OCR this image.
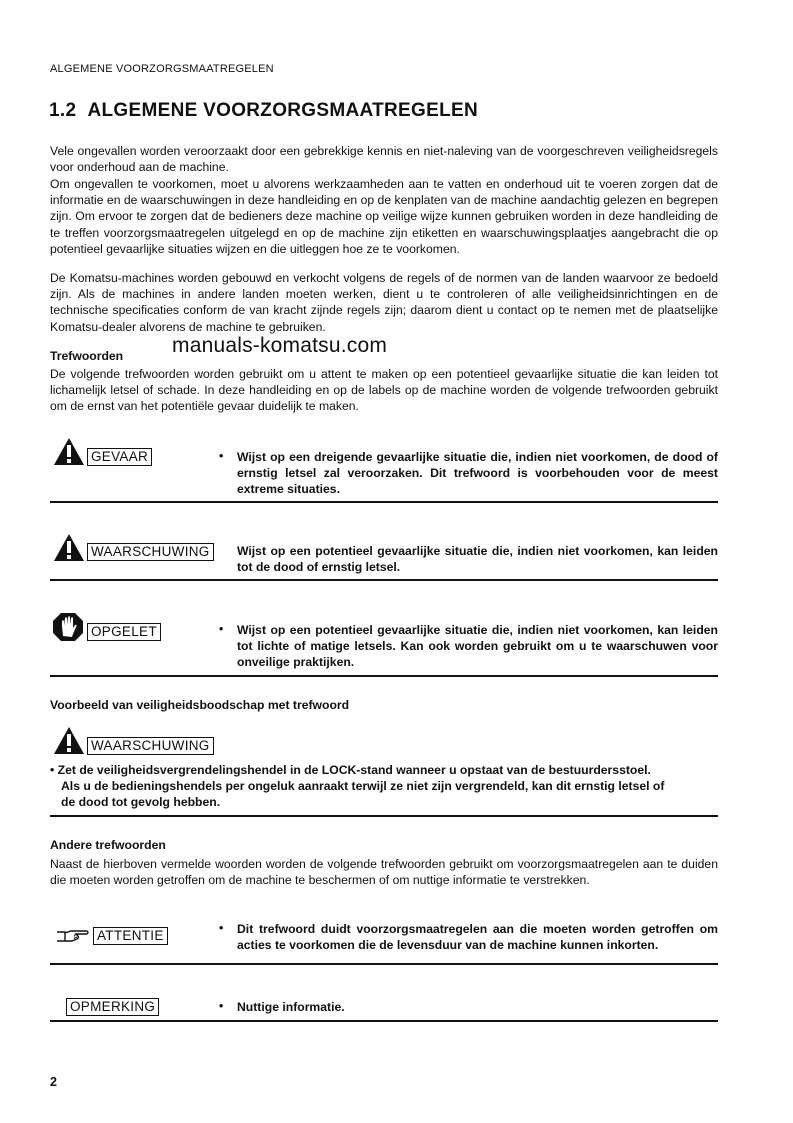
ALGEMENE VOORZORGSMAATREGELEN
1.2 ALGEMENE VOORZORGSMAATREGELEN
Vele ongevallen worden veroorzaakt door een gebrekkige kennis en niet-naleving van de voorgeschreven veiligheidsregels voor onderhoud aan de machine.
Om ongevallen te voorkomen, moet u alvorens werkzaamheden aan te vatten en onderhoud uit te voeren zorgen dat de informatie en de waarschuwingen in deze handleiding en op de kenplaten van de machine aandachtig gelezen en begrepen zijn. Om ervoor te zorgen dat de bedieners deze machine op veilige wijze kunnen gebruiken worden in deze handleiding de te treffen voorzorgsmaatregelen uitgelegd en op de machine zijn etiketten en waarschuwingsplaatjes aangebracht die op potentieel gevaarlijke situaties wijzen en die uitleggen hoe ze te voorkomen.
De Komatsu-machines worden gebouwd en verkocht volgens de regels of de normen van de landen waarvoor ze bedoeld zijn. Als de machines in andere landen moeten werken, dient u te controleren of alle veiligheidsinrichtingen en de technische specificaties conform de van kracht zijnde regels zijn; daarom dient u contact op te nemen met de plaatselijke Komatsu-dealer alvorens de machine te gebruiken.
Trefwoorden manuals-komatsu.com
De volgende trefwoorden worden gebruikt om u attent te maken op een potentieel gevaarlijke situatie die kan leiden tot lichamelijk letsel of schade. In deze handleiding en op de labels op de machine worden de volgende trefwoorden gebruikt om de ernst van het potentiële gevaar duidelijk te maken.
GEVAAR	• Wijst op een dreigende gevaarlijke situatie die, indien niet voorkomen, de dood of ernstig letsel zal veroorzaken. Dit trefwoord is voorbehouden voor de meest extreme situaties.
WAARSCHUWING	Wijst op een potentieel gevaarlijke situatie die, indien niet voorkomen, kan leiden tot de dood of ernstig letsel.
OPGELET	• Wijst op een potentieel gevaarlijke situatie die, indien niet voorkomen, kan leiden tot lichte of matige letsels. Kan ook worden gebruikt om u te waarschuwen voor onveilige praktijken.
Voorbeeld van veiligheidsboodschap met trefwoord
WAARSCHUWING
• Zet de veiligheidsvergrendelingshendel in de LOCK-stand wanneer u opstaat van de bestuurdersstoel.
Als u de bedieningshendels per ongeluk aanraakt terwijl ze niet zijn vergrendeld, kan dit ernstig letsel of
de dood tot gevolg hebben.
Andere trefwoorden
Naast de hierboven vermelde woorden worden de volgende trefwoorden gebruikt om voorzorgsmaatregelen aan te duiden die moeten worden getroffen om de machine te beschermen of om nuttige informatie te verstrekken.
ATTENTIE	• Dit trefwoord duidt voorzorgsmaatregelen aan die moeten worden getroffen om acties te voorkomen die de levensduur van de machine kunnen inkorten.
OPMERKING	• Nuttige informatie.
2
